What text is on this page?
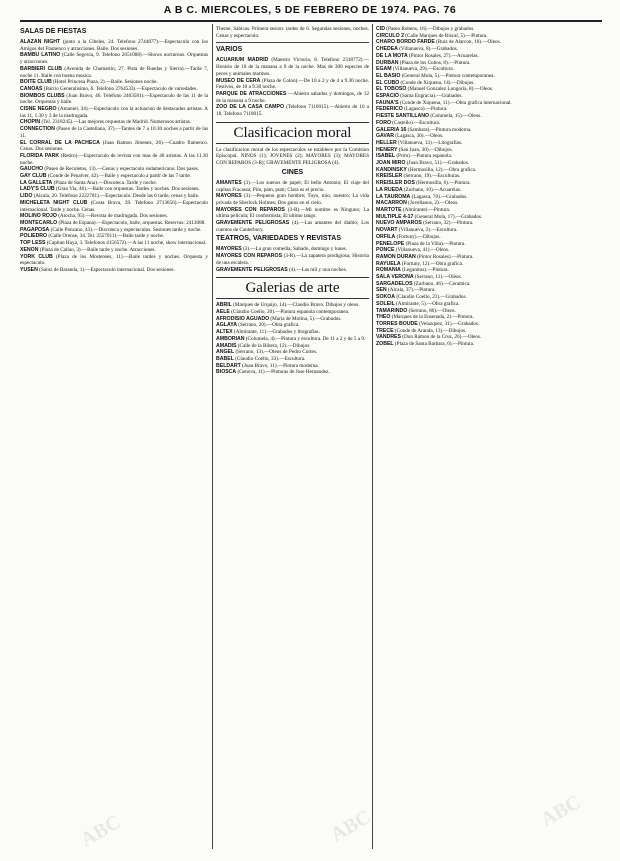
A B C. MIERCOLES, 5 DE FEBRERO DE 1974. PAG. 76
SALAS DE FIESTAS

ALAZAN NIGHT (junto a la Cibeles, 24. Telefono 2744877).—Espectaculo con los Amigos del Flamenco y atracciones. Baile. Dos sesiones.

BAMBU LATINO (Calle Segovia, 9. Telefono 2651088).—Shows nocturnos. Orquestas y atracciones.

BARBIERI CLUB (Avenida de Chamartin, 27. Pista de Ruedas y Sierra).—Tarde 7, noche 11. Baile con buena musica.

BOITE CLUB (Hotel Princesa Plaza, 2).—Baile. Sesiones noche.

CANOAS (Barrio Generalisimo, 6. Telefono 2764533).—Espectaculo de variedades.

BIOMBOS CLUBS (Juan Bravo, 46. Telefono 2403581).—Espectaculo de las 11 de la noche. Orquestas y baile.

CISNE NEGRO (Amaniel, 34).—Espectaculo con la actuacion de destacados artistas. A las 11, 1.30 y 3 de la madrugada.

CHOPIN (Tel. 2318245).—Las mejores orquestas de Madrid. Numerosos artistas.

CONNECTION (Paseo de la Castellana, 37).—Tardes de 7 a 10.30 noches a partir de las 11.

EL CORRAL DE LA PACHECA (Juan Ramon Jimenez, 26).—Cuadro flamenco. Cenas. Dos sesiones.

FLORIDA PARK (Retiro).—Espectaculo de revista con mas de 40 artistas. A las 11.30 noche.

GAUCHO (Paseo de Recoletos, 13).—Cenas y espectaculo sudamericano. Dos pases.

GAY CLUB (Conde de Penalver, 42).—Baile y espectaculo a partir de las 7 tarde.

LA GALLETA (Plaza de Santa Ana).—Discoteca. Tarde y noche.

LADY'S CLUB (Gran Via, 46).—Baile con orquestas. Tardes y noches. Dos sesiones.

LIDO (Alcala, 20. Telefono 2222781).—Espectaculo. Desde las 6 tarde, cenas y baile.

MICHELETA NIGHT CLUB (Costa Brava, 39. Telefono 2713656).—Espectaculo internacional. Tarde y noche. Cenas.

MOLINO ROJO (Atocha, 95).—Revista de madrugada. Dos sesiones.

MONTECARLO (Plaza de Espana).—Espectaculo, baile, orquestas. Reservas: 2413088.

PAGAPOSA (Calle Ponzano, 43).—Discoteca y espectaculos. Sesiones tarde y noche.

POLIEDRO (Calle Orense, 34. Tel. 2557011).—Baile tarde y noche.

TOP LESS (Capitan Haya, 3. Telefonos 4156572).—A las 11 noche, show internacional.

XENON (Plaza de Callao, 3).—Baile tarde y noche. Atracciones.

YORK CLUB (Plaza de los Mostenses, 11).—Baile tardes y noches. Orquesta y espectaculo.

YUSEN (Sainz de Baranda, 1).—Espectaculo internacional. Dos sesiones.

Theme, Sabicas. Primera sesion: tardes de 6. Segundas sesiones, noches. Cenas y espectaculo.

VARIOS

ACUARIUM MADRID (Maestro Victoria, 8. Telefono 2318772).—Horario de 10 de la manana a 9 de la noche. Mas de 300 especies de peces y animales marinos.

MUSEO DE CERA (Plaza de Colon).—De 10 a 2 y de 4 a 9.30 noche. Festivos, de 10 a 9.30 noche.

PARQUE DE ATRACCIONES —Abierto sabados y domingos, de 12 de la manana a 9 noche.

ZOO DE LA CASA CAMPO (Telefono 7110015).—Abierto de 10 a 18. Telefono 7110015.

Clasificacion moral

La clasificacion moral de los espectaculos se establece por la Comision Episcopal. NINOS (1); JOVENES (2); MAYORES (3); MAYORES CON REPAROS (3-R); GRAVEMENTE PELIGROSA (4).

CINES

AMANTES (3).—Los suenos de papel; El bello Antonio; El viaje del capitan Fracassa; Pim, pam, pum; Clara es el precio.

MAYORES (3).—Pequeno gran hombre; Tuyo, mio, nuestro; La vida privada de Sherlock Holmes; Dos gatos en el cielo.

MAYORES CON REPAROS (3-R).—Mi nombre es Ninguno; La ultima pelicula; El conformista; El ultimo tango.

GRAVEMENTE PELIGROSAS (4).—Las amantes del diablo; Los cuentos de Canterbury.

TEATROS, VARIEDADES Y REVISTAS

MAYORES (3).—La gran comedia; Sabado, domingo y lunes.

MAYORES CON REPAROS (3-R).—La zapatera prodigiosa; Historia de una escalera.

GRAVEMENTE PELIGROSAS (4).—Las mil y una noches.

Galerias de arte

ABRIL (Marques de Urquijo, 14).—Claudio Bravo. Dibujos y oleos.

AELE (Claudio Coello, 20).—Pintura espanola contemporanea.

AFRODISIO AGUADO (Maria de Molina, 5).—Grabados.

AGLAYA (Serrano, 20).—Obra grafica.

ALTEX (Almirante, 11).—Grabados y litografias.

AMBORIAN (Columela, 4).—Pintura y escultura. De 11 a 2 y de 5 a 9.

AMADIS (Calle de la Ribera, 12).—Dibujos.

ANGEL (Serrano, 13).—Oleos de Pedro Cortes.

BABEL (Claudio Coello, 33).—Escultura.

BELDART (Juan Bravo, 11).—Pintura moderna.

BIOSCA (Genova, 11).—Pinturas de Jose Hernandez.

CID (Paseo Rubens, 16).—Dibujos y grabados.

CIRCULO 2 (Calle Marques de Riscal, 5).—Pintura.

CHARO BORDO FARDE (Ruiz de Alarcon, 10).—Oleos.

CHEDEA (Villanueva, 8).—Grabados.

DE LA MOTA (Pintor Rosales, 27).—Acuarelas.

DURBAN (Plaza de los Cubos, 8).—Pintura.

EGAM (Villanueva, 29).—Escultura.

EL BASIO (General Mola, 5).—Pintura contemporanea.

EL CUBO (Conde de Xiquena, 14).—Dibujos.

EL TOBOSO (Manuel Gonzalez Longoria, 8).—Oleos.

ESPACIO (Santa Engracia).—Grabados.

FAUNA'S (Conde de Xiquena, 11).—Obra grafica internacional.

FEDERICO (Lagasca).—Pintura.

FIESTE SANTILLANO (Columela, 15).—Oleos.

FORO (Castello).—Escultura.

GALERIA 16 (Sambara).—Pintura moderna.

GAVAR (Lagasca, 30).—Oleos.

HELLER (Villanueva, 13).—Litografias.

HENERY (San Juan, 30).—Dibujos.

ISABEL (Prim).—Pintura espanola.

JOAN MIRO (Juan Bravo, 51).—Grabados.

KANDINSKY (Hermosilla, 12).—Obra grafica.

KREISLER (Serrano, 19).—Esculturas.

KREISLER DOS (Hermosilla, 6).—Pintura.

LA RUEDA (Zurbano, 10).—Acuarelas.

LA TAUROMA (Lagasca, 70).—Grabados.

MACARRON (Jovellanos, 2).—Oleos.

MARTOTE (Almirante).—Pintura.

MULTIPLE 4-17 (General Mola, 17).—Grabados.

NUEVO AMPAROS (Serrano, 32).—Pintura.

NOVART (Villanueva, 3).—Escultura.

ORFILA (Fortuny).—Dibujos.

PENELOPE (Plaza de la Villa).—Pintura.

PONCE (Villanueva, 41).—Oleos.

RAMON DURAN (Pintor Rosales).—Pintura.

RAYUELA (Fortuny, 12).—Obra grafica.

ROMANIA (Leganitos).—Pintura.

SALA VERONA (Serrano, 11).—Oleos.

SARGADELOS (Zurbano, 46).—Ceramica.

SEN (Alcala, 37).—Pintura.

SOKOA (Claudio Coello, 21).—Grabados.

SOLEIL (Almirante, 5).—Obra grafica.

TAMARINDO (Serrano, 86).—Oleos.

THEO (Marques de la Ensenada, 2).—Pintura.

TORRES BOUDE (Velazquez, 31).—Grabados.

TRECE (Conde de Aranda, 13).—Dibujos.

VANDRES (Don Ramon de la Cruz, 26).—Oleos.

ZOBEL (Plaza de Santa Barbara, 6).—Pintura.

ABC	ABC	ABC
